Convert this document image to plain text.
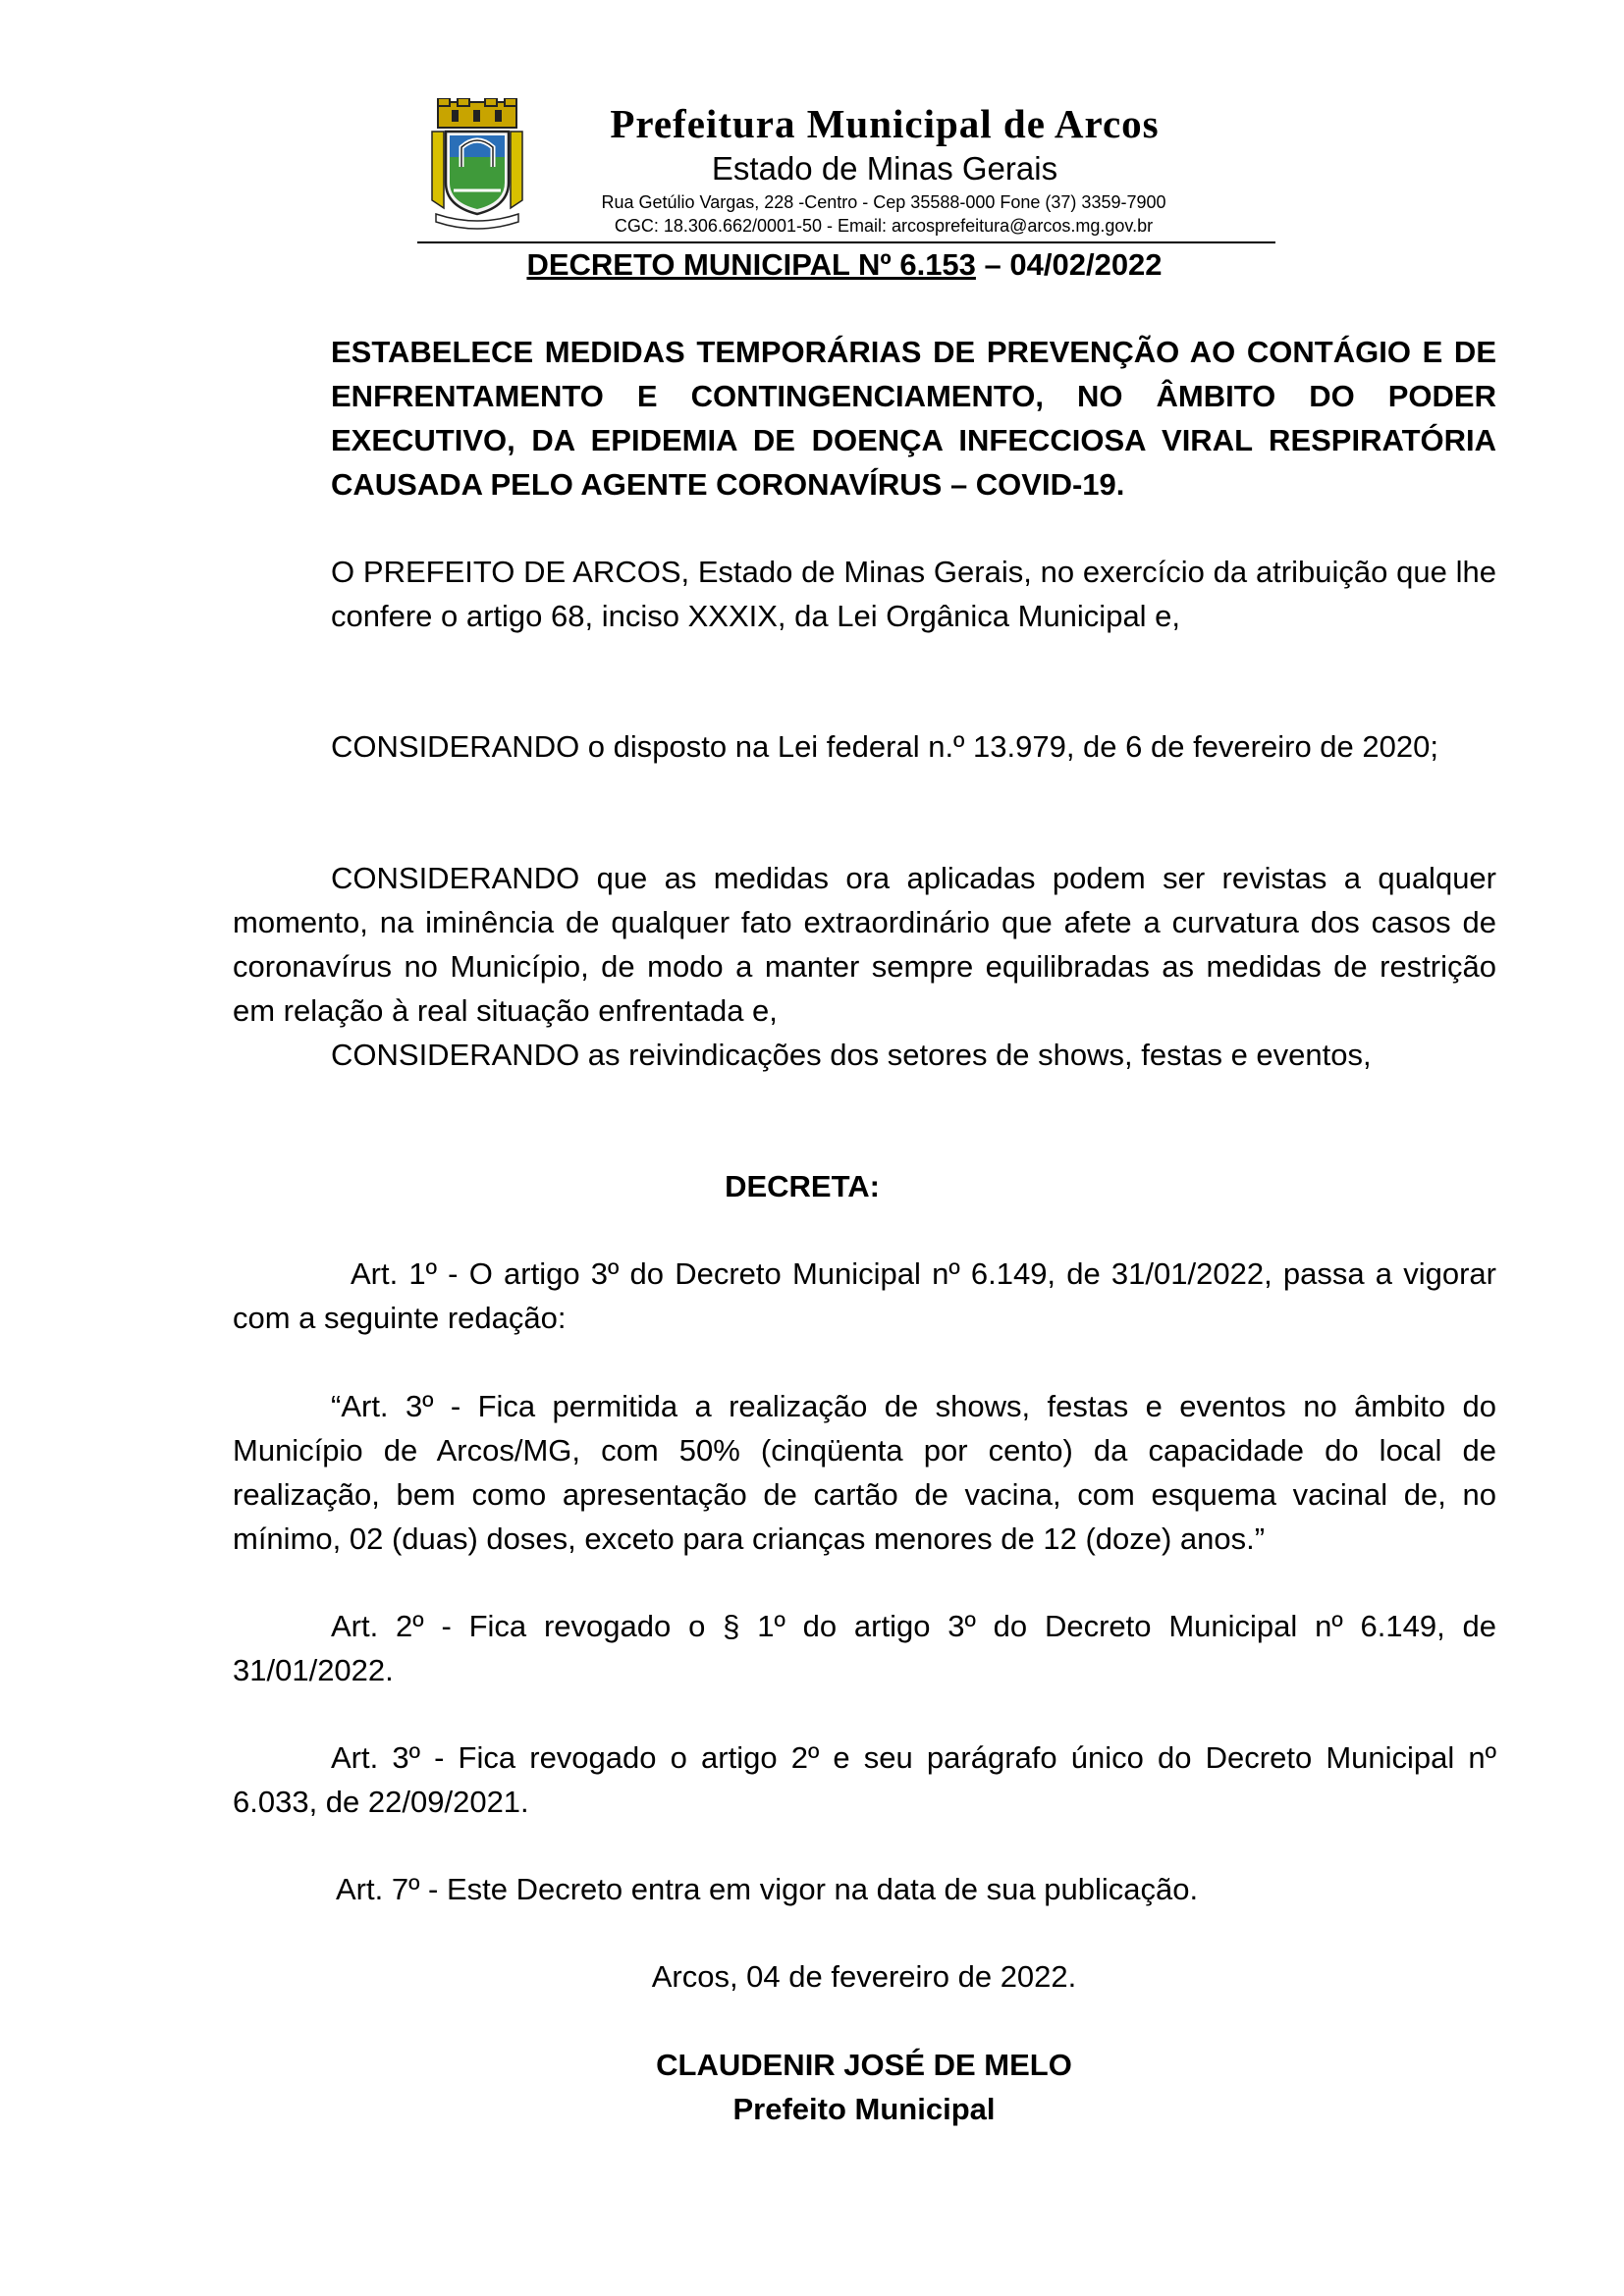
Prefeitura Municipal de Arcos
Estado de Minas Gerais
Rua Getúlio Vargas, 228 -Centro - Cep 35588-000 Fone (37) 3359-7900
CGC: 18.306.662/0001-50 - Email: arcosprefeitura@arcos.mg.gov.br
DECRETO MUNICIPAL Nº 6.153 – 04/02/2022
ESTABELECE MEDIDAS TEMPORÁRIAS DE PREVENÇÃO AO CONTÁGIO E DE ENFRENTAMENTO E CONTINGENCIAMENTO, NO ÂMBITO DO PODER EXECUTIVO, DA EPIDEMIA DE DOENÇA INFECCIOSA VIRAL RESPIRATÓRIA CAUSADA PELO AGENTE CORONAVÍRUS – COVID-19.
O PREFEITO DE ARCOS, Estado de Minas Gerais, no exercício da atribuição que lhe confere o artigo 68, inciso XXXIX, da Lei Orgânica Municipal e,
CONSIDERANDO o disposto na Lei federal n.º 13.979, de 6 de fevereiro de 2020;
CONSIDERANDO que as medidas ora aplicadas podem ser revistas a qualquer momento, na iminência de qualquer fato extraordinário que afete a curvatura dos casos de coronavírus no Município, de modo a manter sempre equilibradas as medidas de restrição em relação à real situação enfrentada e,
CONSIDERANDO as reivindicações dos setores de shows, festas e eventos,
DECRETA:
Art. 1º - O artigo 3º do Decreto Municipal nº 6.149, de 31/01/2022, passa a vigorar com a seguinte redação:
“Art. 3º - Fica permitida a realização de shows, festas e eventos no âmbito do Município de Arcos/MG, com 50% (cinqüenta por cento) da capacidade do local de realização, bem como apresentação de cartão de vacina, com esquema vacinal de, no mínimo, 02 (duas) doses, exceto para crianças menores de 12 (doze) anos.”
Art. 2º - Fica revogado o § 1º do artigo 3º do Decreto Municipal nº 6.149, de 31/01/2022.
Art. 3º - Fica revogado o artigo 2º e seu parágrafo único do Decreto Municipal nº 6.033, de 22/09/2021.
Art. 7º - Este Decreto entra em vigor na data de sua publicação.
Arcos, 04 de fevereiro de 2022.
CLAUDENIR JOSÉ DE MELO
Prefeito Municipal
